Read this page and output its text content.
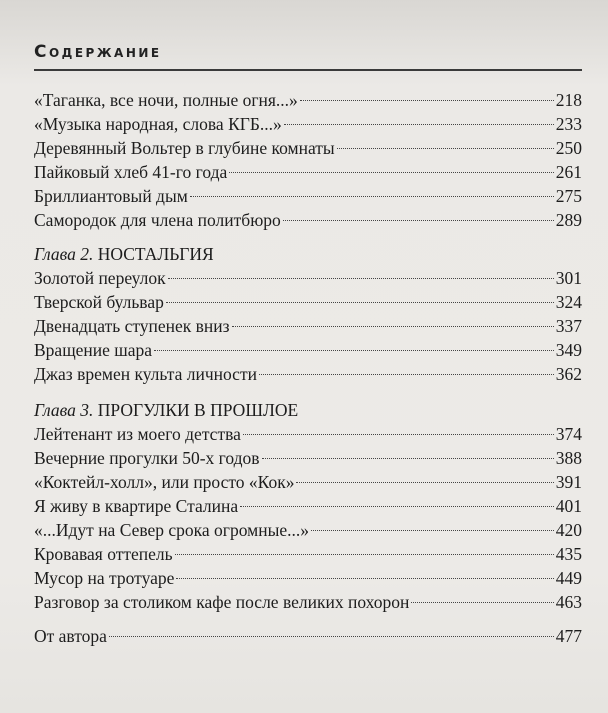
Содержание
«Таганка, все ночи, полные огня...»	218
«Музыка народная, слова КГБ...»	233
Деревянный Вольтер в глубине комнаты	250
Пайковый хлеб 41-го года	261
Бриллиантовый дым	275
Самородок для члена политбюро	289
Глава 2. НОСТАЛЬГИЯ
Золотой переулок	301
Тверской бульвар	324
Двенадцать ступенек вниз	337
Вращение шара	349
Джаз времен культа личности	362
Глава 3. ПРОГУЛКИ В ПРОШЛОЕ
Лейтенант из моего детства	374
Вечерние прогулки 50-х годов	388
«Коктейл-холл», или просто «Кок»	391
Я живу в квартире Сталина	401
«...Идут на Север срока огромные...»	420
Кровавая оттепель	435
Мусор на тротуаре	449
Разговор за столиком кафе после великих похорон	463
От автора	477
